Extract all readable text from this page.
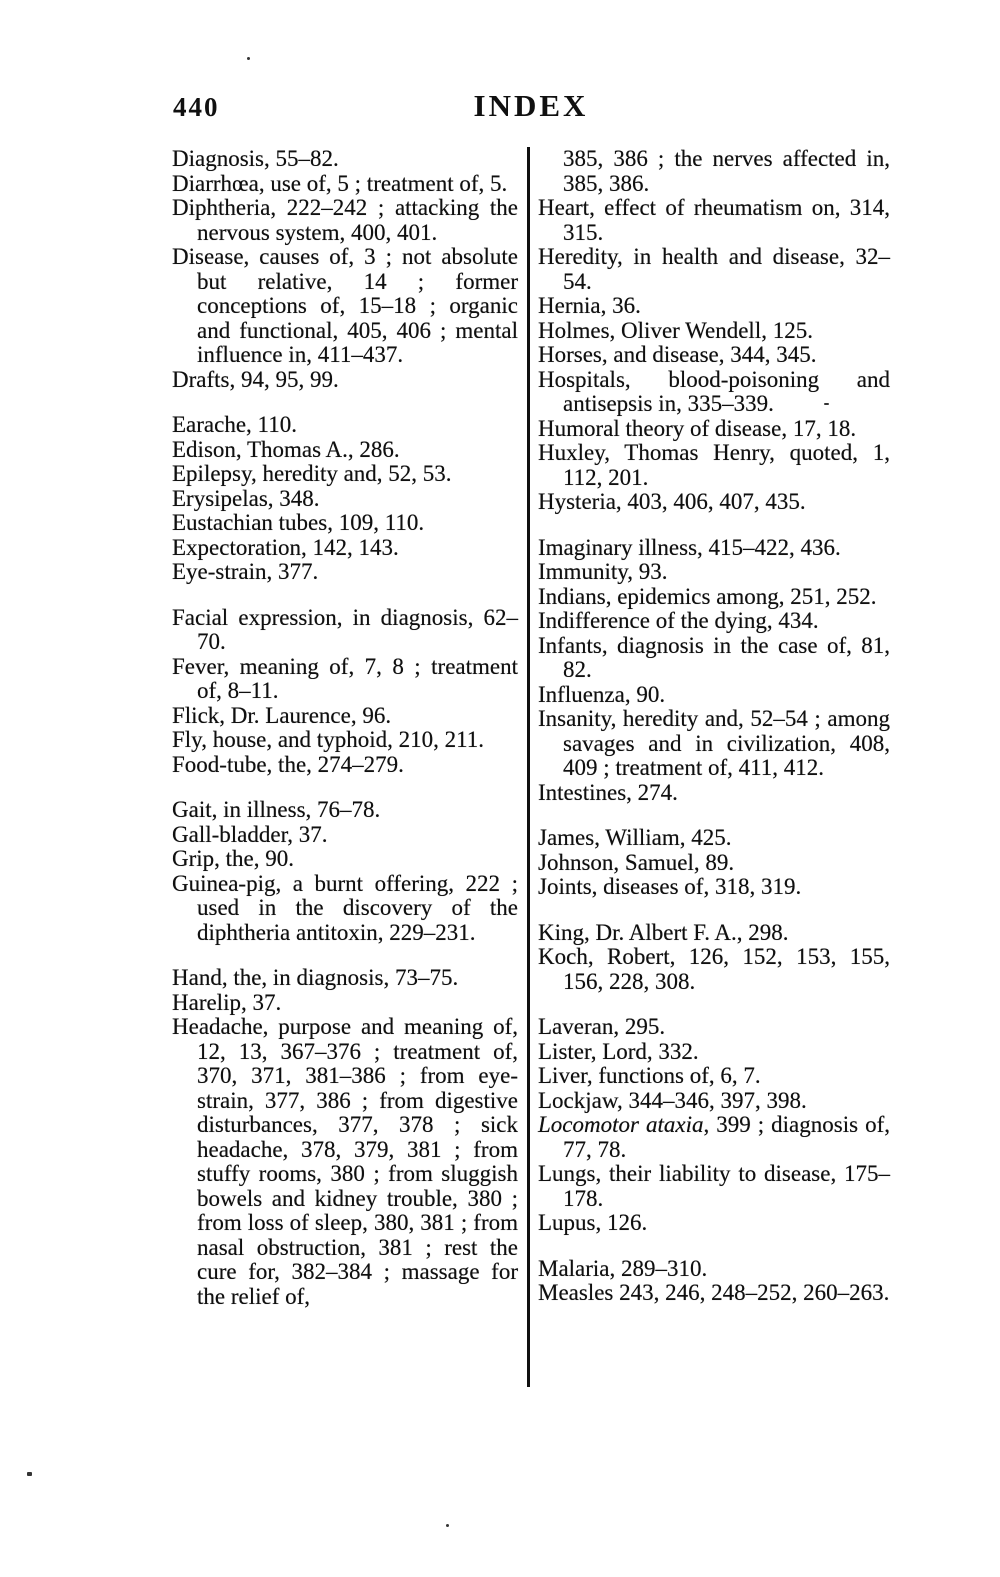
440	INDEX

Diagnosis, 55–82.

Diarrhœa, use of, 5 ; treatment of, 5.

Diphtheria, 222–242 ; attacking the nervous system, 400, 401.

Disease, causes of, 3 ; not absolute but relative, 14 ; former conceptions of, 15–18 ; organic and functional, 405, 406 ; mental influence in, 411–437.

Drafts, 94, 95, 99.

Earache, 110.

Edison, Thomas A., 286.

Epilepsy, heredity and, 52, 53.

Erysipelas, 348.

Eustachian tubes, 109, 110.

Expectoration, 142, 143.

Eye-strain, 377.

Facial expression, in diagnosis, 62–70.

Fever, meaning of, 7, 8 ; treatment of, 8–11.

Flick, Dr. Laurence, 96.

Fly, house, and typhoid, 210, 211.

Food-tube, the, 274–279.

Gait, in illness, 76–78.

Gall-bladder, 37.

Grip, the, 90.

Guinea-pig, a burnt offering, 222 ; used in the discovery of the diphtheria antitoxin, 229–231.

Hand, the, in diagnosis, 73–75.

Harelip, 37.

Headache, purpose and meaning of, 12, 13, 367–376 ; treatment of, 370, 371, 381–386 ; from eye-strain, 377, 386 ; from digestive disturbances, 377, 378 ; sick headache, 378, 379, 381 ; from stuffy rooms, 380 ; from sluggish bowels and kidney trouble, 380 ; from loss of sleep, 380, 381 ; from nasal obstruction, 381 ; rest the cure for, 382–384 ; massage for the relief of,

385, 386 ; the nerves affected in, 385, 386.

Heart, effect of rheumatism on, 314, 315.

Heredity, in health and disease, 32–54.

Hernia, 36.

Holmes, Oliver Wendell, 125.

Horses, and disease, 344, 345.

Hospitals, blood-poisoning and antisepsis in, 335–339.

Humoral theory of disease, 17, 18.

Huxley, Thomas Henry, quoted, 1, 112, 201.

Hysteria, 403, 406, 407, 435.

Imaginary illness, 415–422, 436.

Immunity, 93.

Indians, epidemics among, 251, 252.

Indifference of the dying, 434.

Infants, diagnosis in the case of, 81, 82.

Influenza, 90.

Insanity, heredity and, 52–54 ; among savages and in civilization, 408, 409 ; treatment of, 411, 412.

Intestines, 274.

James, William, 425.

Johnson, Samuel, 89.

Joints, diseases of, 318, 319.

King, Dr. Albert F. A., 298.

Koch, Robert, 126, 152, 153, 155, 156, 228, 308.

Laveran, 295.

Lister, Lord, 332.

Liver, functions of, 6, 7.

Lockjaw, 344–346, 397, 398.

Locomotor ataxia, 399 ; diagnosis of, 77, 78.

Lungs, their liability to disease, 175–178.

Lupus, 126.

Malaria, 289–310.

Measles 243, 246, 248–252, 260–263.
